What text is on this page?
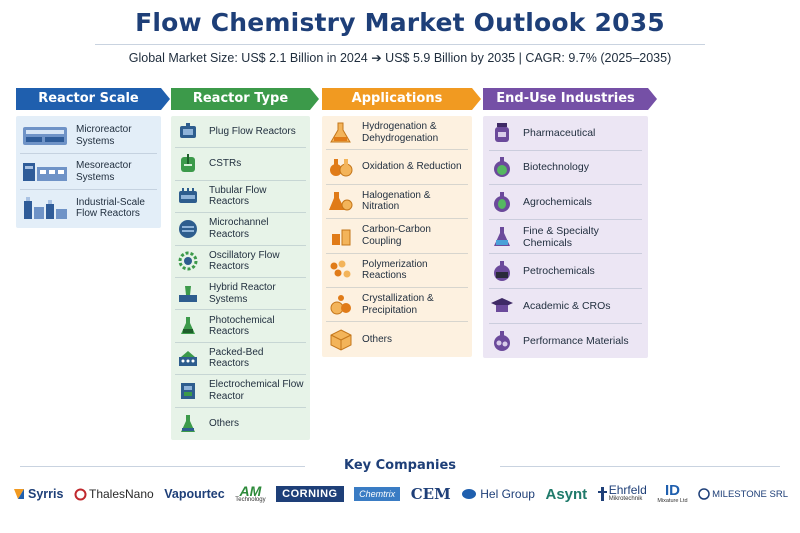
Flow Chemistry Market Outlook 2035
Global Market Size: US$ 2.1 Billion in 2024 ➔ US$ 5.9 Billion by 2035 | CAGR: 9.7% (2025–2035)
Reactor Scale
Microreactor Systems
Mesoreactor Systems
Industrial-Scale Flow Reactors
Reactor Type
Plug Flow Reactors
CSTRs
Tubular Flow Reactors
Microchannel Reactors
Oscillatory Flow Reactors
Hybrid Reactor Systems
Photochemical Reactors
Packed-Bed Reactors
Electrochemical Flow Reactor
Others
Applications
Hydrogenation & Dehydrogenation
Oxidation & Reduction
Halogenation & Nitration
Carbon-Carbon Coupling
Polymerization Reactions
Crystallization & Precipitation
Others
End-Use Industries
Pharmaceutical
Biotechnology
Agrochemicals
Fine & Specialty Chemicals
Petrochemicals
Academic & CROs
Performance Materials
Key Companies
Syrris ThalesNano Vapourtec AM
Technology CORNING Chemtrix CEM Hel Group Asynt Ehrfeld
Mikrotechnik ID
Mixature Ltd
MILESTONE SRL
